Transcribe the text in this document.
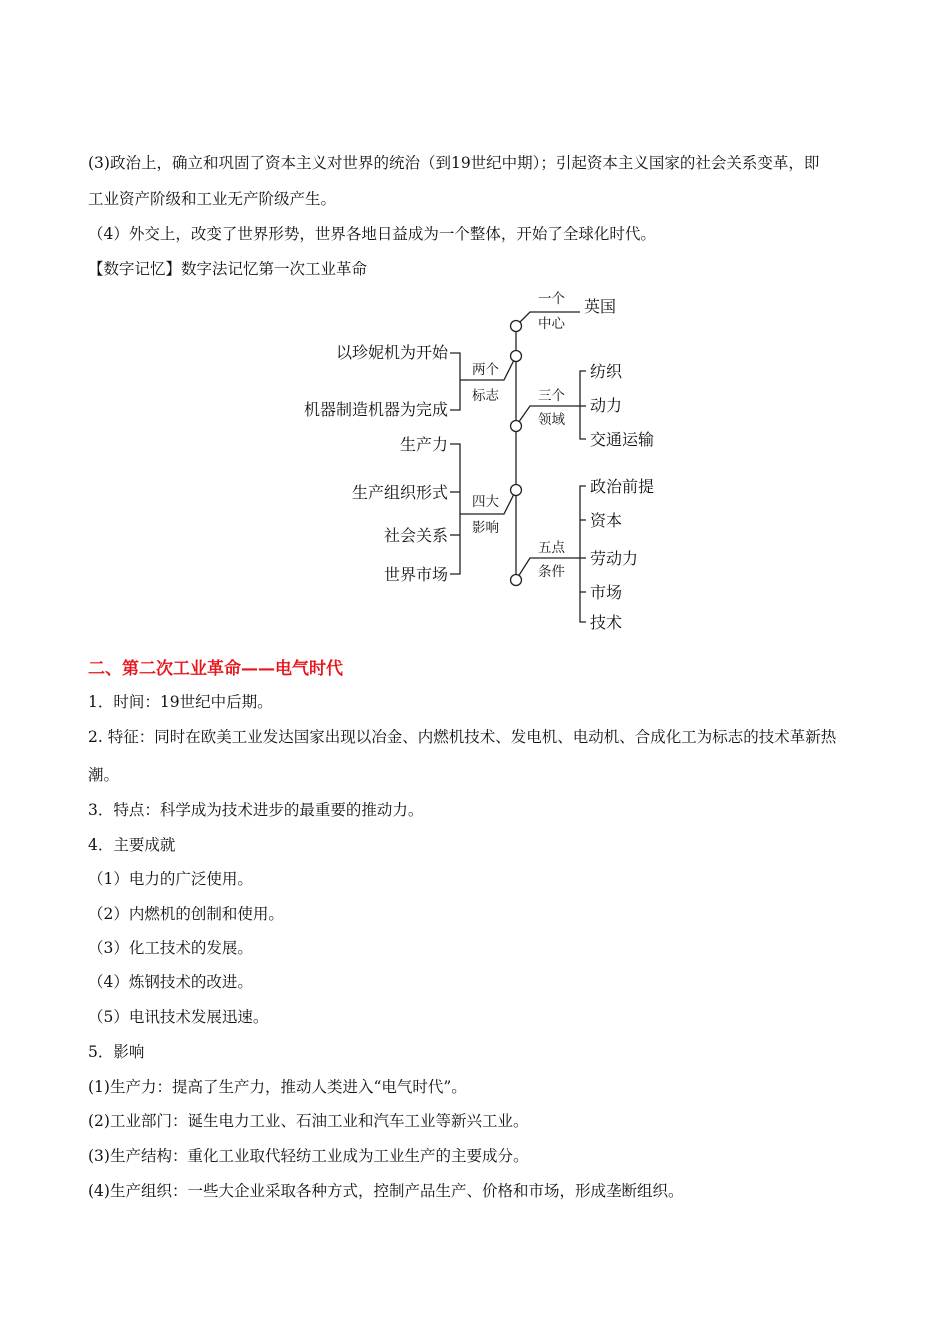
(3)政治上，确立和巩固了资本主义对世界的统治（到19世纪中期）；引起资本主义国家的社会关系变革，即
工业资产阶级和工业无产阶级产生。
（4）外交上，改变了世界形势，世界各地日益成为一个整体，开始了全球化时代。
【数字记忆】数字法记忆第一次工业革命
一个
中心
英国
两个
标志
以珍妮机为开始
机器制造机器为完成
三个
领域
纺织
动力
交通运输
四大
影响
生产力
生产组织形式
社会关系
世界市场
五点
条件
政治前提
资本
劳动力
市场
技术
二、第二次工业革命——电气时代
1．时间：19世纪中后期。
2. 特征：同时在欧美工业发达国家出现以冶金、内燃机技术、发电机、电动机、合成化工为标志的技术革新热
潮。
3．特点：科学成为技术进步的最重要的推动力。
4．主要成就
（1）电力的广泛使用。
（2）内燃机的创制和使用。
（3）化工技术的发展。
（4）炼钢技术的改进。
（5）电讯技术发展迅速。
5．影响
(1)生产力：提高了生产力，推动人类进入“电气时代”。
(2)工业部门：诞生电力工业、石油工业和汽车工业等新兴工业。
(3)生产结构：重化工业取代轻纺工业成为工业生产的主要成分。
(4)生产组织：一些大企业采取各种方式，控制产品生产、价格和市场，形成垄断组织。
